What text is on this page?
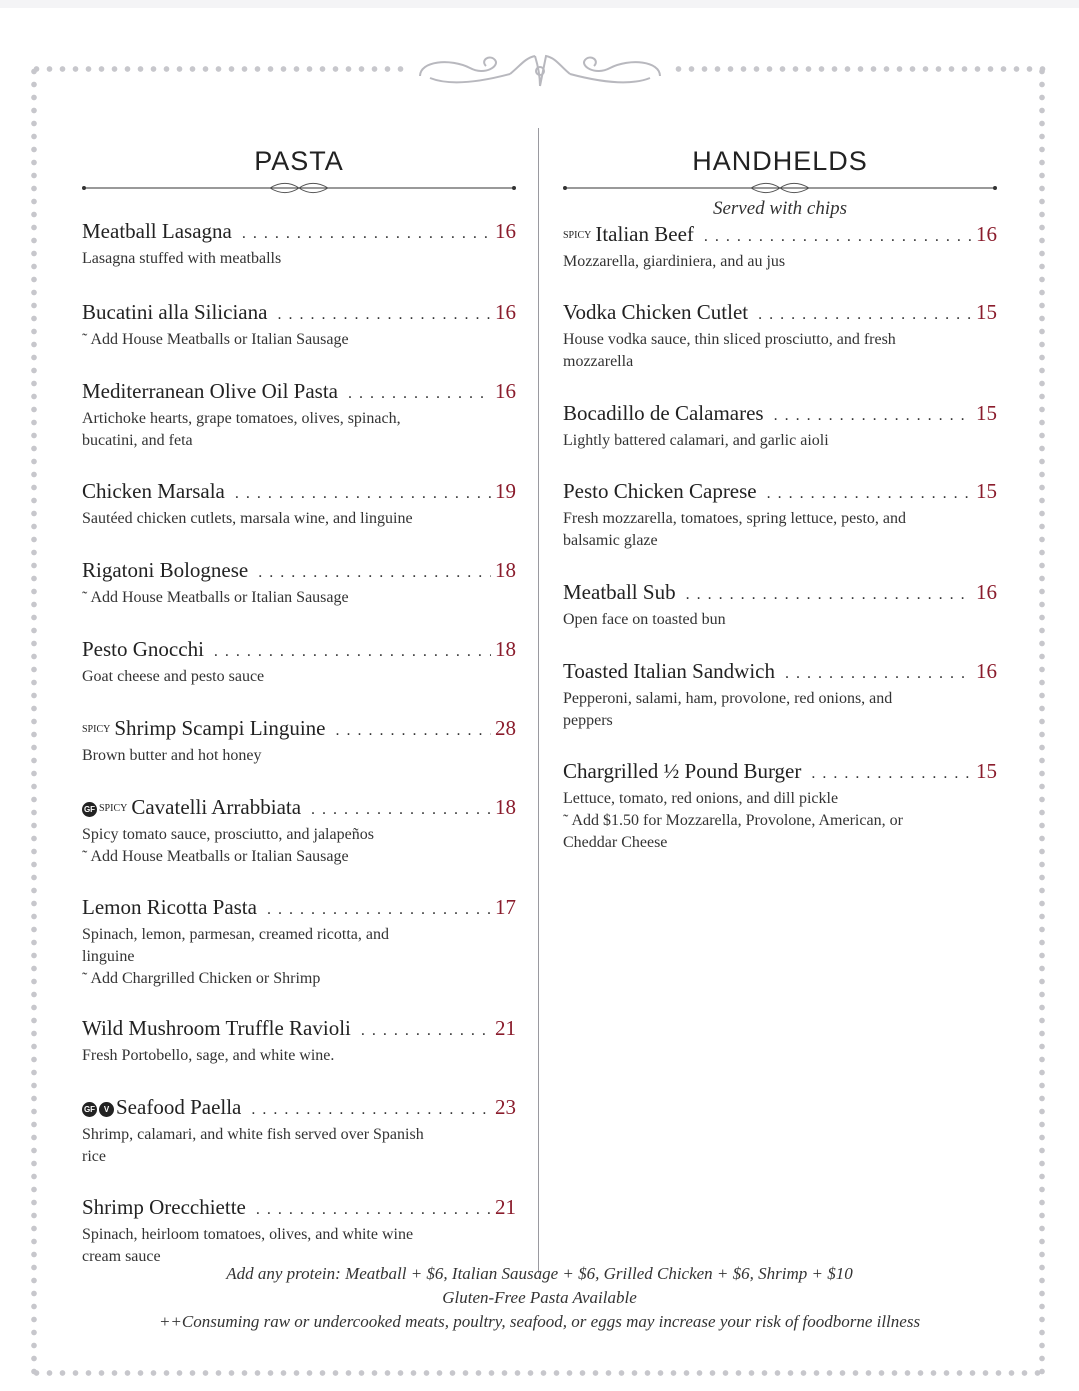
PASTA
Meatball Lasagna . . .	16
Lasagna stuffed with meatballs
Bucatini alla Siliciana . . .	16
˜ Add House Meatballs or Italian Sausage
Mediterranean Olive Oil Pasta . . .	16
Artichoke hearts, grape tomatoes, olives, spinach,
bucatini, and feta
Chicken Marsala . . .	19
Sautéed chicken cutlets, marsala wine, and linguine
Rigatoni Bolognese . . .	18
˜ Add House Meatballs or Italian Sausage
Pesto Gnocchi . . .	18
Goat cheese and pesto sauce
SPICY Shrimp Scampi Linguine . . .	28
Brown butter and hot honey
GF SPICY Cavatelli Arrabbiata . . .	18
Spicy tomato sauce, prosciutto, and jalapeños
˜ Add House Meatballs or Italian Sausage
Lemon Ricotta Pasta . . .	17
Spinach, lemon, parmesan, creamed ricotta, and
linguine
˜ Add Chargrilled Chicken or Shrimp
Wild Mushroom Truffle Ravioli . . .	21
Fresh Portobello, sage, and white wine.
GF V Seafood Paella . . .	23
Shrimp, calamari, and white fish served over Spanish
rice
Shrimp Orecchiette . . .	21
Spinach, heirloom tomatoes, olives, and white wine
cream sauce
HANDHELDS
Served with chips
SPICY Italian Beef . . .	16
Mozzarella, giardiniera, and au jus
Vodka Chicken Cutlet . . .	15
House vodka sauce, thin sliced prosciutto, and fresh
mozzarella
Bocadillo de Calamares . . .	15
Lightly battered calamari, and garlic aioli
Pesto Chicken Caprese . . .	15
Fresh mozzarella, tomatoes, spring lettuce, pesto, and
balsamic glaze
Meatball Sub . . .	16
Open face on toasted bun
Toasted Italian Sandwich . . .	16
Pepperoni, salami, ham, provolone, red onions, and
peppers
Chargrilled ½ Pound Burger . . .	15
Lettuce, tomato, red onions, and dill pickle
˜ Add $1.50 for Mozzarella, Provolone, American, or
Cheddar Cheese
Add any protein: Meatball + $6, Italian Sausage + $6, Grilled Chicken + $6, Shrimp + $10
Gluten-Free Pasta Available
++Consuming raw or undercooked meats, poultry, seafood, or eggs may increase your risk of foodborne illness
